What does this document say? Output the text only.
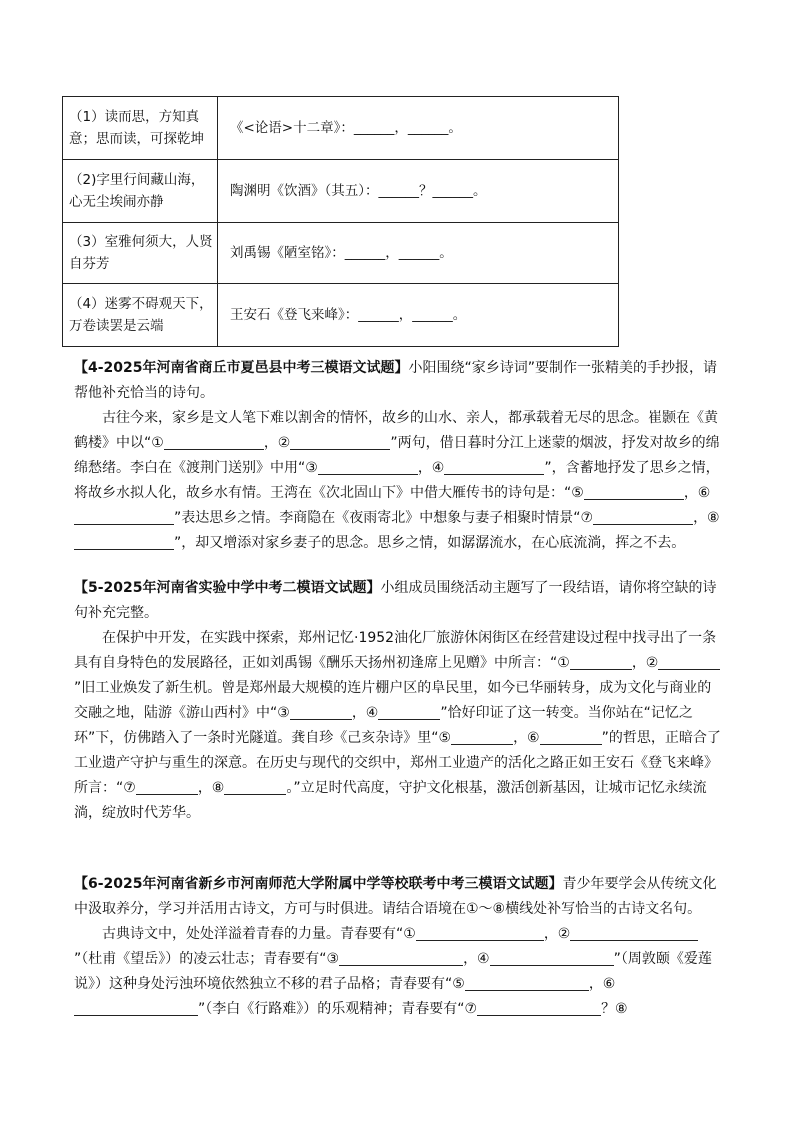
（1）读而思，方知真意；思而读，可探乾坤	《<论语>十二章》：______，______。
（2)字里行间藏山海，心无尘埃闹亦静	陶渊明《饮酒》（其五）：______？______。
（3）室雅何须大，人贤自芬芳	刘禹锡《陋室铭》：______，______。
（4）迷雾不碍观天下，万卷读罢是云端	王安石《登飞来峰》：______，______。

【4-2025年河南省商丘市夏邑县中考三模语文试题】小阳围绕“家乡诗词”要制作一张精美的手抄报，请帮他补充恰当的诗句。

古往今来，家乡是文人笔下难以割舍的情怀，故乡的山水、亲人，都承载着无尽的思念。崔颢在《黄鹤楼》中以“①	，②	”两句，借日暮时分江上迷蒙的烟波，抒发对故乡的绵绵愁绪。李白在《渡荆门送别》中用“③	，④	”，含蓄地抒发了思乡之情，将故乡水拟人化，故乡水有情。王湾在《次北固山下》中借大雁传书的诗句是：“⑤	，⑥”表达思乡之情。李商隐在《夜雨寄北》中想象与妻子相聚时情景“⑦	，⑧”，却又增添对家乡妻子的思念。思乡之情，如潺潺流水，在心底流淌，挥之不去。

【5-2025年河南省实验中学中考二模语文试题】小组成员围绕活动主题写了一段结语，请你将空缺的诗句补充完整。

在保护中开发，在实践中探索，郑州记忆·1952油化厂旅游休闲街区在经营建设过程中找寻出了一条具有自身特色的发展路径，正如刘禹锡《酬乐天扬州初逢席上见赠》中所言：“①	，②”旧工业焕发了新生机。曾是郑州最大规模的连片棚户区的阜民里，如今已华丽转身，成为文化与商业的交融之地，陆游《游山西村》中“③	，④	”恰好印证了这一转变。当你站在“记忆之环”下，仿佛踏入了一条时光隧道。龚自珍《己亥杂诗》里“⑤	，⑥	”的哲思，正暗合了工业遗产守护与重生的深意。在历史与现代的交织中，郑州工业遗产的活化之路正如王安石《登飞来峰》所言：“⑦	，⑧	。”立足时代高度，守护文化根基，激活创新基因，让城市记忆永续流淌，绽放时代芳华。

【6-2025年河南省新乡市河南师范大学附属中学等校联考中考三模语文试题】青少年要学会从传统文化中汲取养分，学习并活用古诗文，方可与时俱进。请结合语境在①～⑧横线处补写恰当的古诗文名句。

古典诗文中，处处洋溢着青春的力量。青春要有“①	，②”（杜甫《望岳》）的凌云壮志；青春要有“③	，④	”（周敦颐《爱莲说》）这种身处污浊环境依然独立不移的君子品格；青春要有“⑤	，⑥”（李白《行路难》）的乐观精神；青春要有“⑦	？⑧
